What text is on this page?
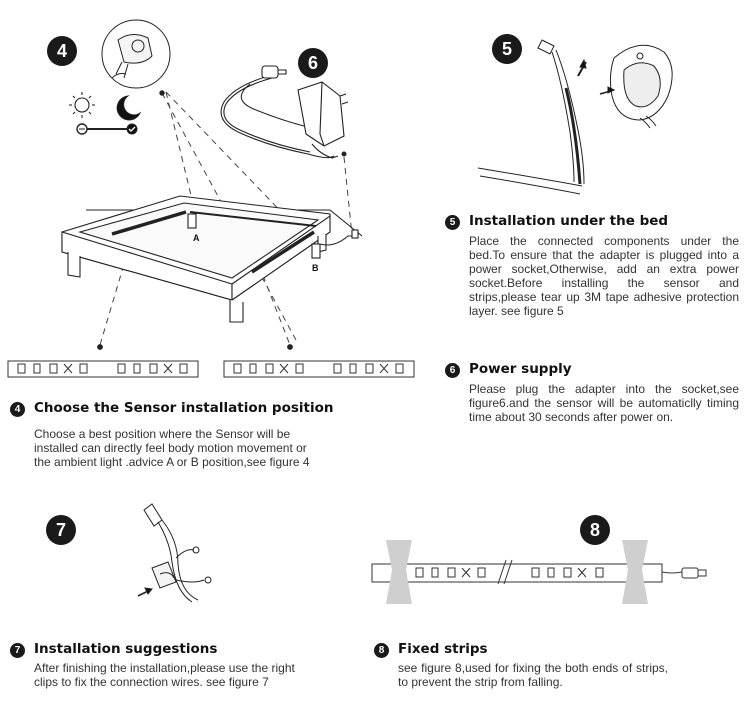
4	5
6
7	8
A
B
4	Choose the Sensor installation position
Choose a best position where the Sensor will be installed can directly feel body motion movement or the ambient light .advice A or B position,see figure 4
5	Installation under the bed
Place the connected components under the bed.To ensure that the adapter is plugged into a power socket,Otherwise, add an extra power socket.Before installing the sensor and strips,please tear up 3M tape adhesive protection layer. see figure 5
6	Power supply
Please plug the adapter into the socket,see figure6.and the sensor will be automaticlly timing time about 30 seconds after power on.
7	Installation suggestions
After finishing the installation,please use the right clips to fix the connection wires. see figure 7
8	Fixed strips
see figure 8,used for fixing the both ends of strips, to prevent the strip from falling.
